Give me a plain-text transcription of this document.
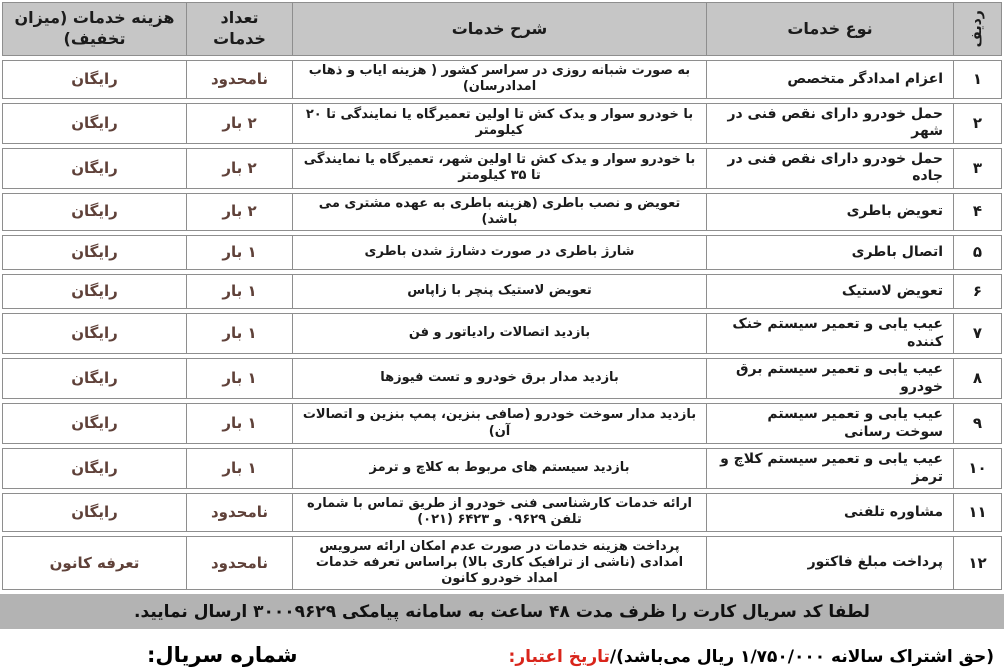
ردیف
نوع خدمات
شرح خدمات
تعداد خدمات
هزینه خدمات (میزان تخفیف)
۱
اعزام امدادگر متخصص
به صورت شبانه روزی در سراسر کشور ( هزینه ایاب و ذهاب امدادرسان)
نامحدود
رایگان
۲
حمل خودرو دارای نقص فنی در شهر
با خودرو سوار و یدک کش تا اولین تعمیرگاه یا نمایندگی تا ۲۰ کیلومتر
۲ بار
رایگان
۳
حمل خودرو دارای نقص فنی در جاده
با خودرو سوار و یدک کش تا اولین شهر، تعمیرگاه یا نمایندگی تا ۳۵ کیلومتر
۲ بار
رایگان
۴
تعویض باطری
تعویض و نصب باطری (هزینه باطری به عهده مشتری می باشد)
۲ بار
رایگان
۵
اتصال باطری
شارژ باطری در صورت دشارژ شدن باطری
۱ بار
رایگان
۶
تعویض لاستیک
تعویض لاستیک پنچر با زاپاس
۱ بار
رایگان
۷
عیب یابی و تعمیر سیستم خنک کننده
بازدید اتصالات رادیاتور و فن
۱ بار
رایگان
۸
عیب یابی و تعمیر سیستم برق خودرو
بازدید مدار برق خودرو و تست فیوزها
۱ بار
رایگان
۹
عیب یابی و تعمیر سیستم سوخت رسانی
بازدید مدار سوخت خودرو (صافی بنزین، پمپ بنزین و اتصالات آن)
۱ بار
رایگان
۱۰
عیب یابی و تعمیر سیستم کلاچ و ترمز
بازدید سیستم های مربوط به کلاچ و ترمز
۱ بار
رایگان
۱۱
مشاوره تلفنی
ارائه خدمات کارشناسی فنی خودرو از طریق تماس با شماره تلفن ۰۹۶۲۹ و ۶۴۲۳ (۰۲۱)
نامحدود
رایگان
۱۲
پرداخت مبلغ فاکتور
پرداخت هزینه خدمات در صورت عدم امکان ارائه سرویس امدادی (ناشی از ترافیک کاری بالا) براساس تعرفه خدمات امداد خودرو کانون
نامحدود
تعرفه کانون
لطفا کد سریال کارت را ظرف مدت ۴۸ ساعت به سامانه پیامکی ۳۰۰۰۹۶۲۹ ارسال نمایید.
شماره سریال:	(حق اشتراک سالانه ۱/۷۵۰/۰۰۰ ریال می‌باشد)/تاریخ اعتبار:
